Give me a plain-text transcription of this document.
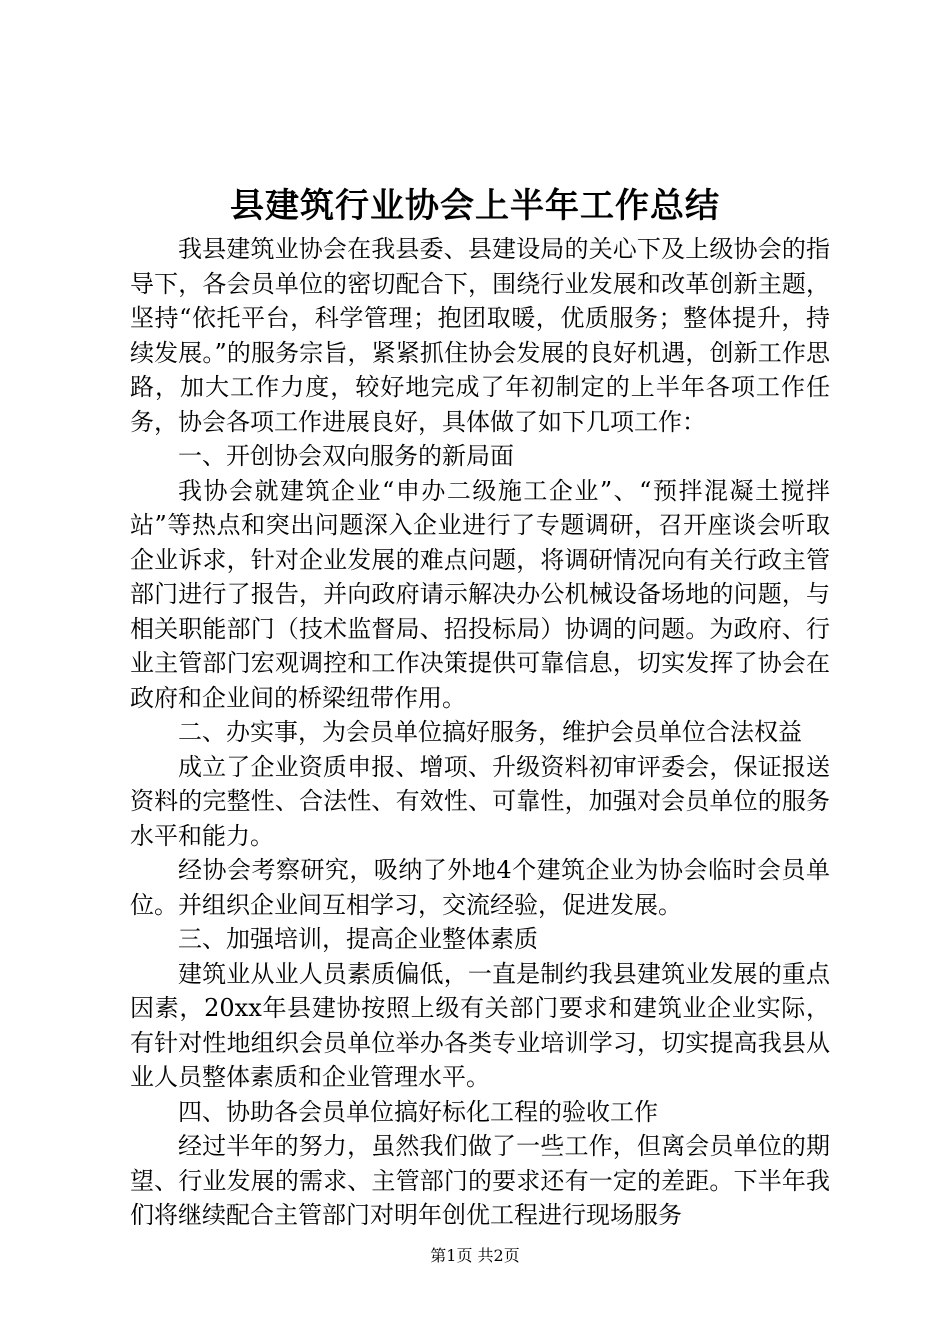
县建筑行业协会上半年工作总结

我县建筑业协会在我县委、县建设局的关心下及上级协会的指导下，各会员单位的密切配合下，围绕行业发展和改革创新主题，坚持“依托平台，科学管理；抱团取暖，优质服务；整体提升，持续发展。”的服务宗旨，紧紧抓住协会发展的良好机遇，创新工作思路，加大工作力度，较好地完成了年初制定的上半年各项工作任务，协会各项工作进展良好，具体做了如下几项工作：

一、开创协会双向服务的新局面

我协会就建筑企业“申办二级施工企业”、“预拌混凝土搅拌站”等热点和突出问题深入企业进行了专题调研，召开座谈会听取企业诉求，针对企业发展的难点问题，将调研情况向有关行政主管部门进行了报告，并向政府请示解决办公机械设备场地的问题，与相关职能部门（技术监督局、招投标局）协调的问题。为政府、行业主管部门宏观调控和工作决策提供可靠信息，切实发挥了协会在政府和企业间的桥梁纽带作用。

二、办实事，为会员单位搞好服务，维护会员单位合法权益

成立了企业资质申报、增项、升级资料初审评委会，保证报送资料的完整性、合法性、有效性、可靠性，加强对会员单位的服务水平和能力。

经协会考察研究，吸纳了外地4个建筑企业为协会临时会员单位。并组织企业间互相学习，交流经验，促进发展。

三、加强培训，提高企业整体素质

建筑业从业人员素质偏低，一直是制约我县建筑业发展的重点因素，20xx年县建协按照上级有关部门要求和建筑业企业实际，有针对性地组织会员单位举办各类专业培训学习，切实提高我县从业人员整体素质和企业管理水平。

四、协助各会员单位搞好标化工程的验收工作

经过半年的努力，虽然我们做了一些工作，但离会员单位的期望、行业发展的需求、主管部门的要求还有一定的差距。下半年我们将继续配合主管部门对明年创优工程进行现场服务

第1页 共2页
